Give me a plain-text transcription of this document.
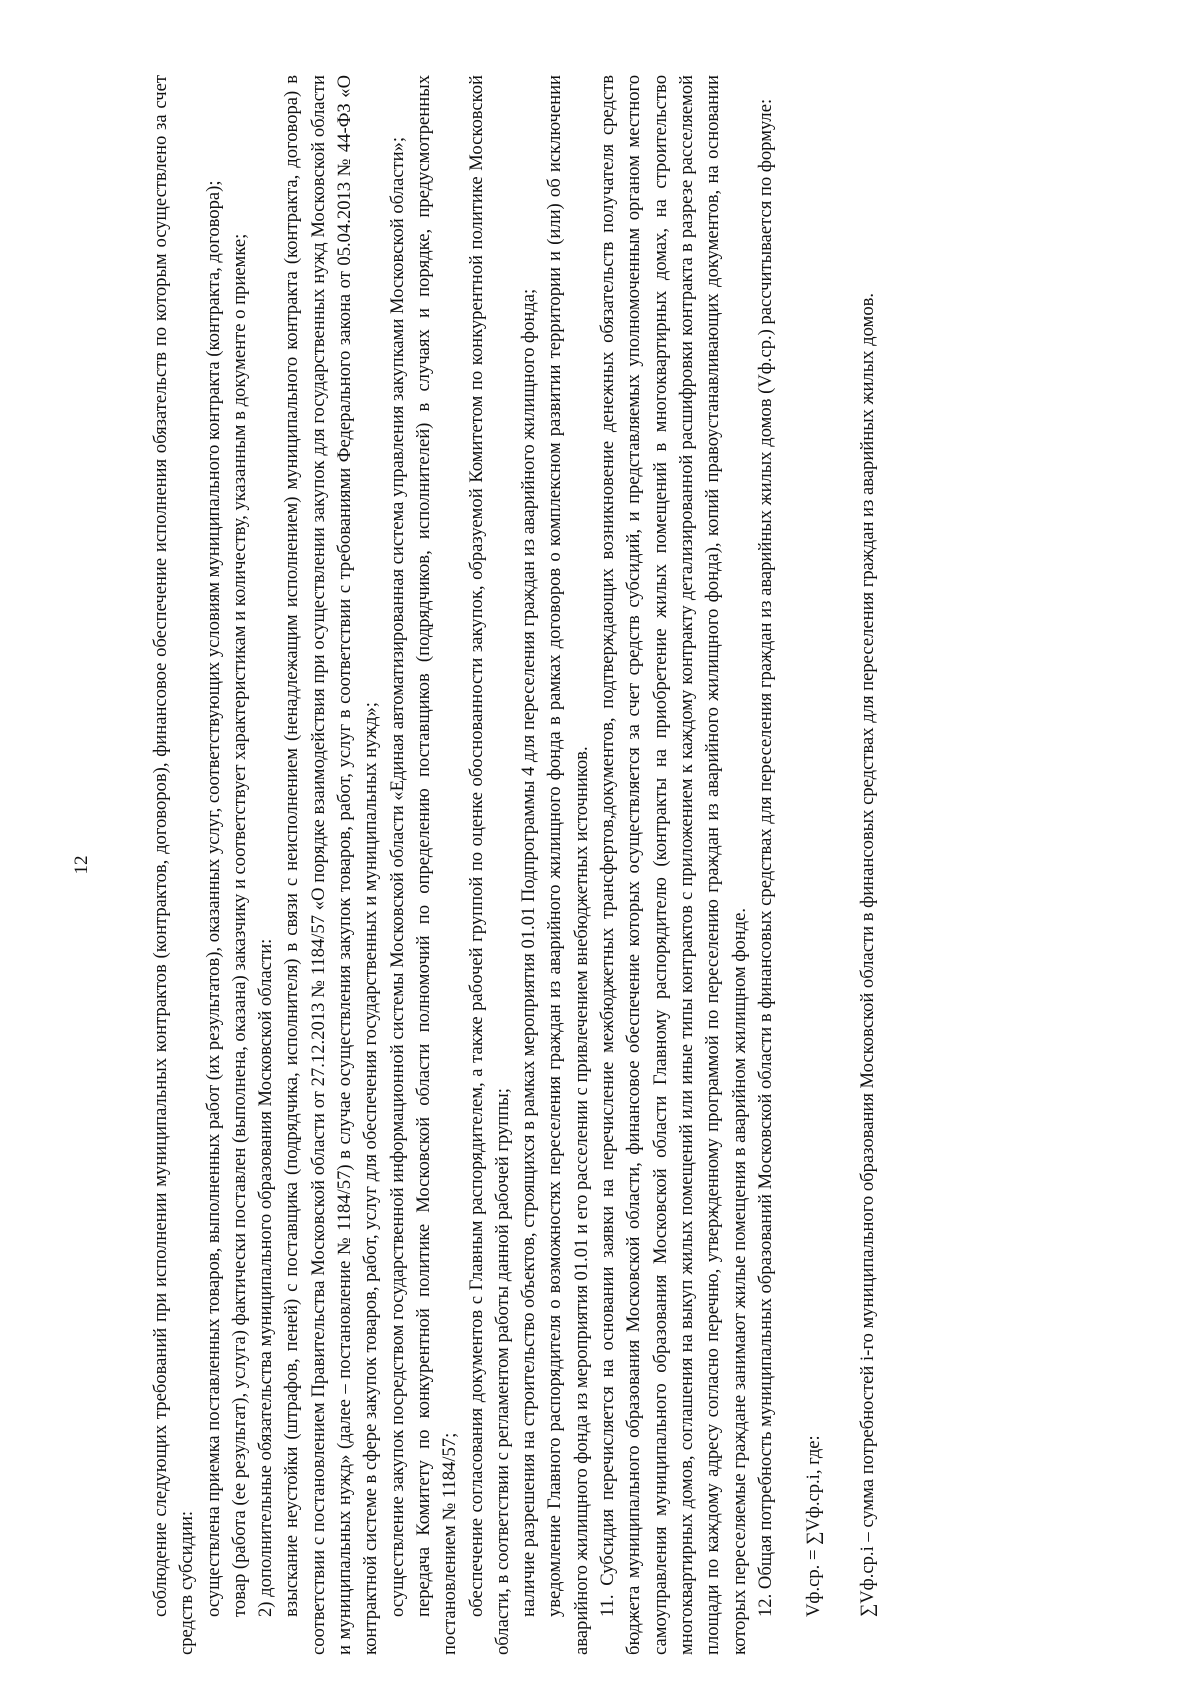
12	соблюдение следующих требований при исполнении муниципальных контрактов (контрактов, договоров), финансовое обеспечение исполнения обязательств по которым осуществлено за счет средств субсидии: осуществлена приемка поставленных товаров, выполненных работ (их результатов), оказанных услуг, соответствующих условиям муниципального контракта (контракта, договора); товар (работа (ее результат), услуга) фактически поставлен (выполнена, оказана) заказчику и соответствует характеристикам и количеству, указанным в документе о приемке; 2) дополнительные обязательства муниципального образования Московской области: взыскание неустойки (штрафов, пеней) с поставщика (подрядчика, исполнителя) в связи с неисполнением (ненадлежащим исполнением) муниципального контракта (контракта, договора) в соответствии с постановлением Правительства Московской области от 27.12.2013 № 1184/57 «О порядке взаимодействия при осуществлении закупок для государственных нужд Московской области и муниципальных нужд» (далее – постановление № 1184/57) в случае осуществления закупок товаров, работ, услуг в соответствии с требованиями Федерального закона от 05.04.2013 № 44-ФЗ «О контрактной системе в сфере закупок товаров, работ, услуг для обеспечения государственных и муниципальных нужд»; осуществление закупок посредством государственной информационной системы Московской области «Единая автоматизированная система управления закупками Московской области»; передача Комитету по конкурентной политике Московской области полномочий по определению поставщиков (подрядчиков, исполнителей) в случаях и порядке, предусмотренных постановлением № 1184/57; обеспечение согласования документов с Главным распорядителем, а также рабочей группой по оценке обоснованности закупок, образуемой Комитетом по конкурентной политике Московской области, в соответствии с регламентом работы данной рабочей группы; наличие разрешения на строительство объектов, строящихся в рамках мероприятия 01.01 Подпрограммы 4 для переселения граждан из аварийного жилищного фонда; уведомление Главного распорядителя о возможностях переселения граждан из аварийного жилищного фонда в рамках договоров о комплексном развитии территории и (или) об исключении аварийного жилищного фонда из мероприятия 01.01 и его расселении с привлечением внебюджетных источников. 11. Субсидия перечисляется на основании заявки на перечисление межбюджетных трансфертов,документов, подтверждающих возникновение денежных обязательств получателя средств бюджета муниципального образования Московской области, финансовое обеспечение которых осуществляется за счет средств субсидий, и представляемых уполномоченным органом местного самоуправления муниципального образования Московской области Главному распорядителю (контракты на приобретение жилых помещений в многоквартирных домах, на строительство многоквартирных домов, соглашения на выкуп жилых помещений или иные типы контрактов с приложением к каждому контракту детализированной расшифровки контракта в разрезе расселяемой площади по каждому адресу согласно перечню, утвержденному программой по переселению граждан из аварийного жилищного фонда), копий правоустанавливающих документов, на основании которых переселяемые граждане занимают жилые помещения в аварийном жилищном фонде. 12. Общая потребность муниципальных образований Московской области в финансовых средствах для переселения граждан из аварийных жилых домов (Vф.ср.) рассчитывается по формуле: Vф.ср. = ∑Vф.ср.i, где: ∑Vф.ср.i – сумма потребностей i-го муниципального образования Московской области в финансовых средствах для переселения граждан из аварийных жилых домов.
